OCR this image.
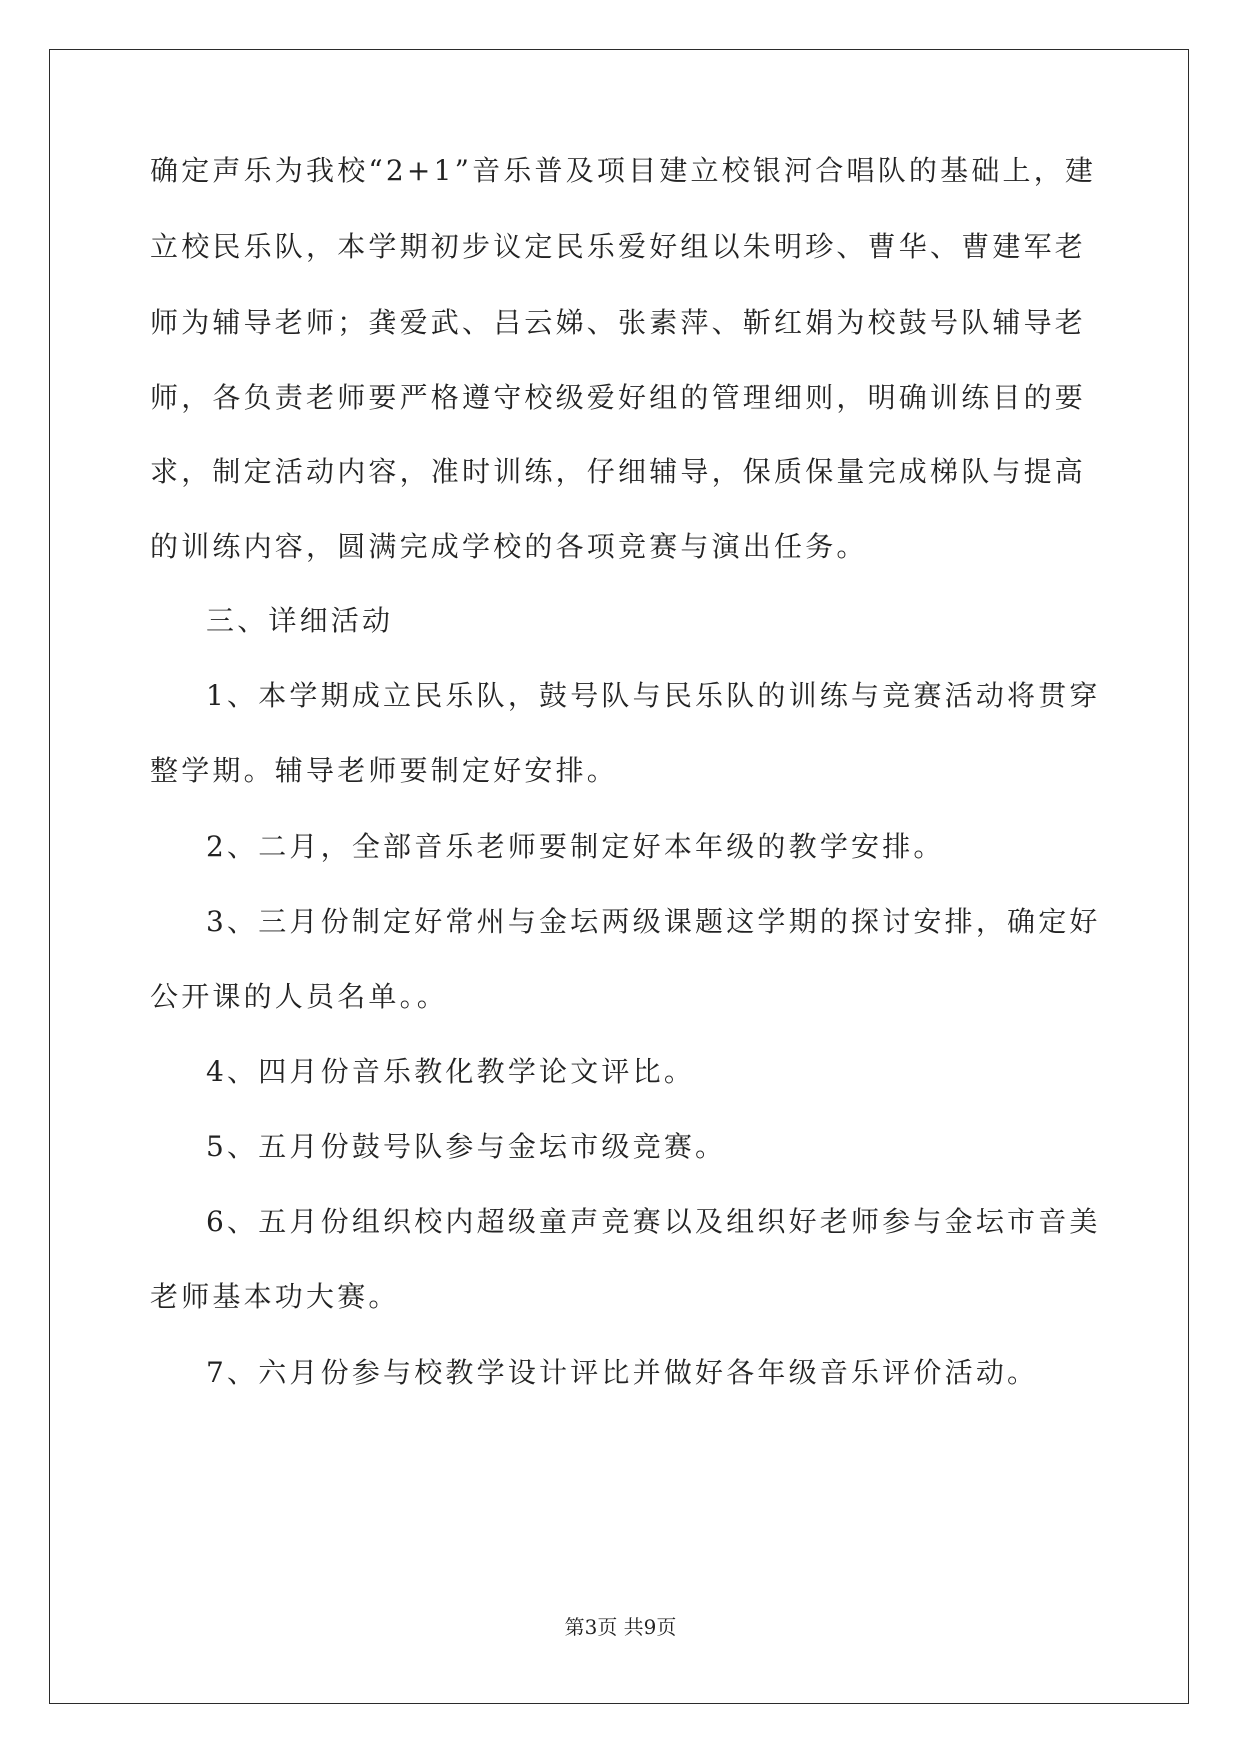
确定声乐为我校“2+1”音乐普及项目建立校银河合唱队的基础上，建
立校民乐队，本学期初步议定民乐爱好组以朱明珍、曹华、曹建军老
师为辅导老师；龚爱武、吕云娣、张素萍、靳红娟为校鼓号队辅导老
师，各负责老师要严格遵守校级爱好组的管理细则，明确训练目的要
求，制定活动内容，准时训练，仔细辅导，保质保量完成梯队与提高
的训练内容，圆满完成学校的各项竞赛与演出任务。
三、详细活动
1、本学期成立民乐队，鼓号队与民乐队的训练与竞赛活动将贯穿
整学期。辅导老师要制定好安排。
2、二月，全部音乐老师要制定好本年级的教学安排。
3、三月份制定好常州与金坛两级课题这学期的探讨安排，确定好
公开课的人员名单。。
4、四月份音乐教化教学论文评比。
5、五月份鼓号队参与金坛市级竞赛。
6、五月份组织校内超级童声竞赛以及组织好老师参与金坛市音美
老师基本功大赛。
7、六月份参与校教学设计评比并做好各年级音乐评价活动。
第3页 共9页
